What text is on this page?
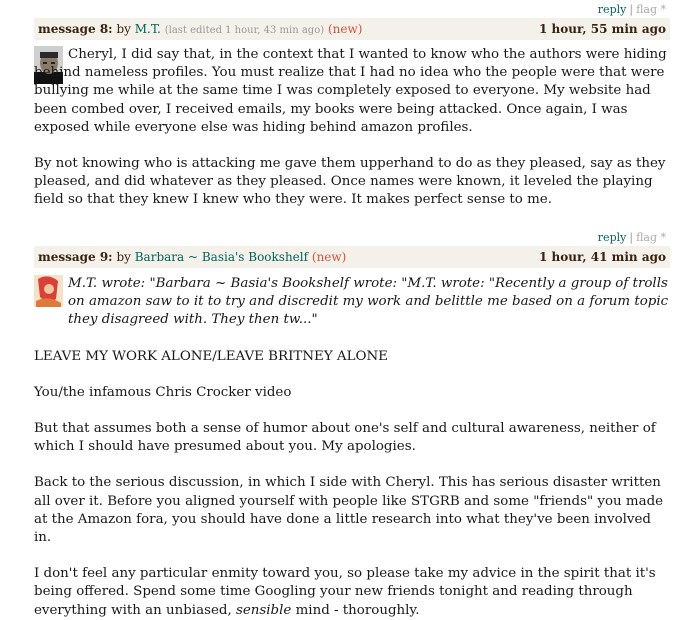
reply | flag *
message 8: by M.T. (last edited 1 hour, 43 min ago) (new)	1 hour, 55 min ago

Cheryl, I did say that, in the context that I wanted to know who the authors were hiding behind nameless profiles. You must realize that I had no idea who the people were that were bullying me while at the same time I was completely exposed to everyone. My website had been combed over, I received emails, my books were being attacked. Once again, I was exposed while everyone else was hiding behind amazon profiles.

By not knowing who is attacking me gave them upperhand to do as they pleased, say as they pleased, and did whatever as they pleased. Once names were known, it leveled the playing field so that they knew I knew who they were. It makes perfect sense to me.

reply | flag *
message 9: by Barbara ~ Basia's Bookshelf (new)	1 hour, 41 min ago

M.T. wrote: "Barbara ~ Basia's Bookshelf wrote: "M.T. wrote: "Recently a group of trolls on amazon saw to it to try and discredit my work and belittle me based on a forum topic they disagreed with. They then tw..."

LEAVE MY WORK ALONE/LEAVE BRITNEY ALONE

You/the infamous Chris Crocker video

But that assumes both a sense of humor about one's self and cultural awareness, neither of which I should have presumed about you. My apologies.

Back to the serious discussion, in which I side with Cheryl. This has serious disaster written all over it. Before you aligned yourself with people like STGRB and some "friends" you made at the Amazon fora, you should have done a little research into what they've been involved in.

I don't feel any particular enmity toward you, so please take my advice in the spirit that it's being offered. Spend some time Googling your new friends tonight and reading through everything with an unbiased, sensible mind - thoroughly.
